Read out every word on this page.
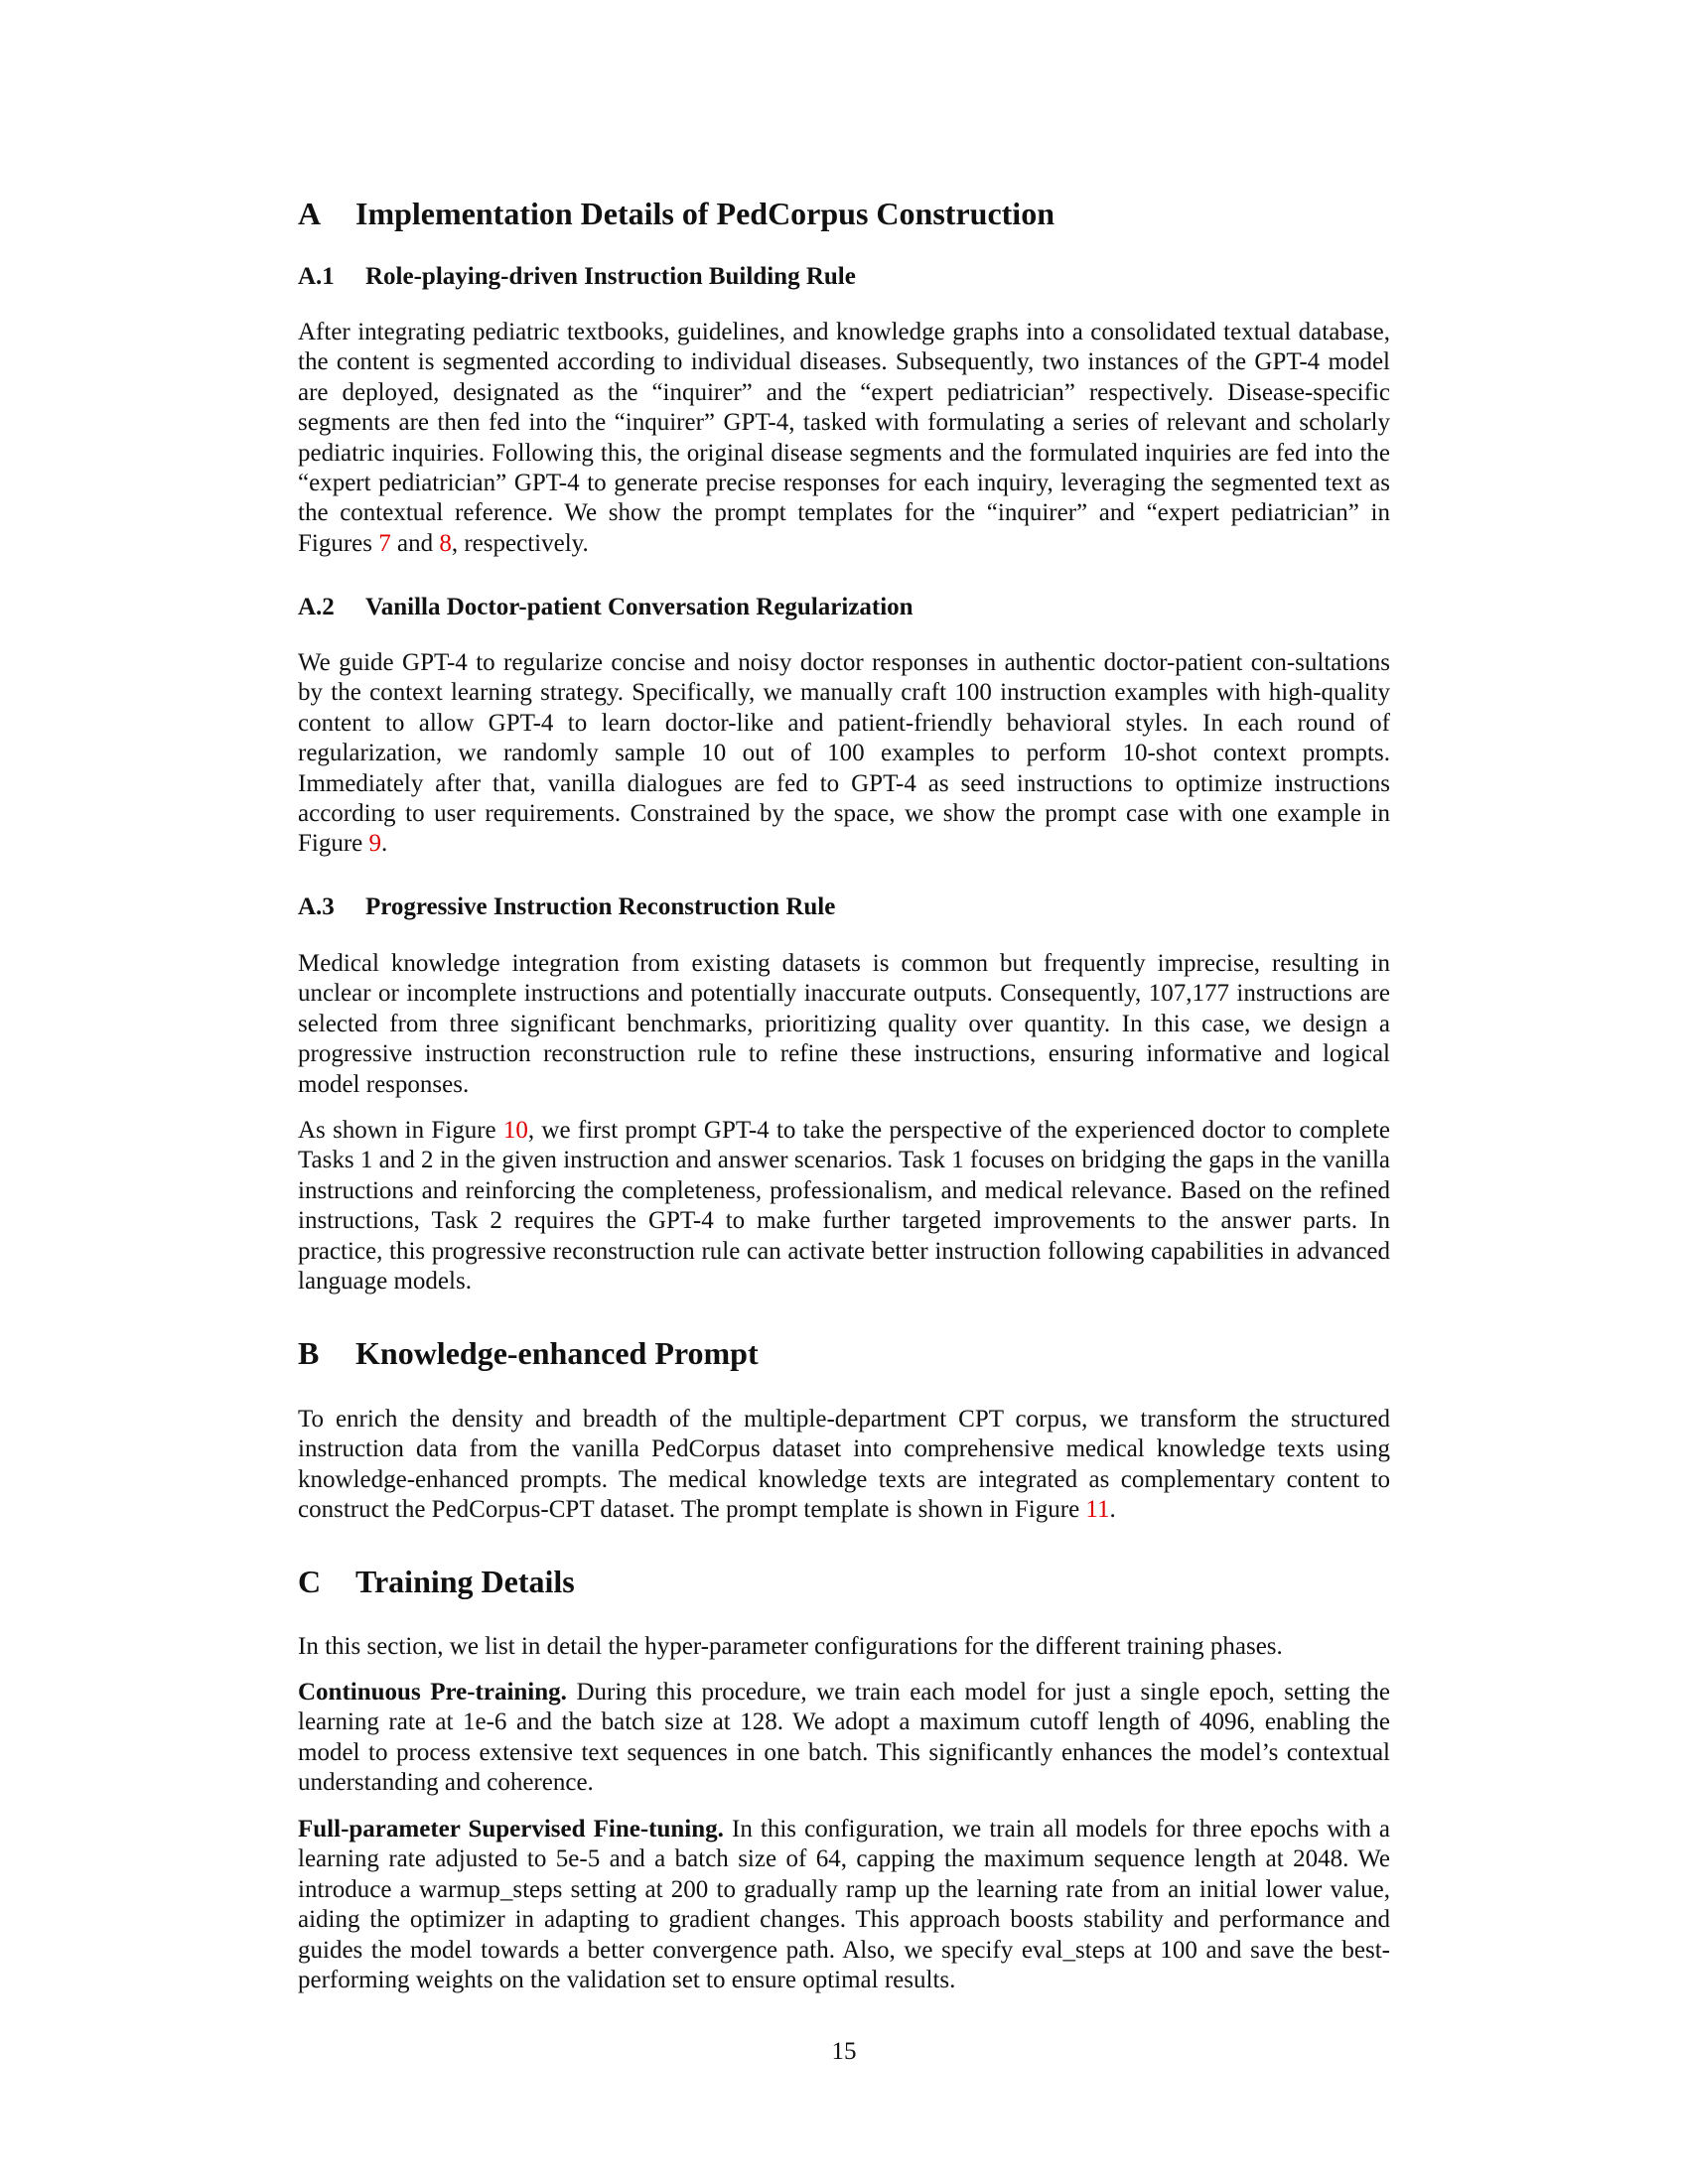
A Implementation Details of PedCorpus Construction
A.1 Role-playing-driven Instruction Building Rule

After integrating pediatric textbooks, guidelines, and knowledge graphs into a consolidated textual database, the content is segmented according to individual diseases. Subsequently, two instances of the GPT-4 model are deployed, designated as the “inquirer” and the “expert pediatrician” respectively. Disease-specific segments are then fed into the “inquirer” GPT-4, tasked with formulating a series of relevant and scholarly pediatric inquiries. Following this, the original disease segments and the formulated inquiries are fed into the “expert pediatrician” GPT-4 to generate precise responses for each inquiry, leveraging the segmented text as the contextual reference. We show the prompt templates for the “inquirer” and “expert pediatrician” in Figures 7 and 8, respectively.

A.2 Vanilla Doctor-patient Conversation Regularization

We guide GPT-4 to regularize concise and noisy doctor responses in authentic doctor-patient con-sultations by the context learning strategy. Specifically, we manually craft 100 instruction examples with high-quality content to allow GPT-4 to learn doctor-like and patient-friendly behavioral styles. In each round of regularization, we randomly sample 10 out of 100 examples to perform 10-shot context prompts. Immediately after that, vanilla dialogues are fed to GPT-4 as seed instructions to optimize instructions according to user requirements. Constrained by the space, we show the prompt case with one example in Figure 9.

A.3 Progressive Instruction Reconstruction Rule

Medical knowledge integration from existing datasets is common but frequently imprecise, resulting in unclear or incomplete instructions and potentially inaccurate outputs. Consequently, 107,177 instructions are selected from three significant benchmarks, prioritizing quality over quantity. In this case, we design a progressive instruction reconstruction rule to refine these instructions, ensuring informative and logical model responses.

As shown in Figure 10, we first prompt GPT-4 to take the perspective of the experienced doctor to complete Tasks 1 and 2 in the given instruction and answer scenarios. Task 1 focuses on bridging the gaps in the vanilla instructions and reinforcing the completeness, professionalism, and medical relevance. Based on the refined instructions, Task 2 requires the GPT-4 to make further targeted improvements to the answer parts. In practice, this progressive reconstruction rule can activate better instruction following capabilities in advanced language models.

B Knowledge-enhanced Prompt

To enrich the density and breadth of the multiple-department CPT corpus, we transform the structured instruction data from the vanilla PedCorpus dataset into comprehensive medical knowledge texts using knowledge-enhanced prompts. The medical knowledge texts are integrated as complementary content to construct the PedCorpus-CPT dataset. The prompt template is shown in Figure 11.

C Training Details

In this section, we list in detail the hyper-parameter configurations for the different training phases.

Continuous Pre-training. During this procedure, we train each model for just a single epoch, setting the learning rate at 1e-6 and the batch size at 128. We adopt a maximum cutoff length of 4096, enabling the model to process extensive text sequences in one batch. This significantly enhances the model’s contextual understanding and coherence.

Full-parameter Supervised Fine-tuning. In this configuration, we train all models for three epochs with a learning rate adjusted to 5e-5 and a batch size of 64, capping the maximum sequence length at 2048. We introduce a warmup_steps setting at 200 to gradually ramp up the learning rate from an initial lower value, aiding the optimizer in adapting to gradient changes. This approach boosts stability and performance and guides the model towards a better convergence path. Also, we specify eval_steps at 100 and save the best-performing weights on the validation set to ensure optimal results.

15
